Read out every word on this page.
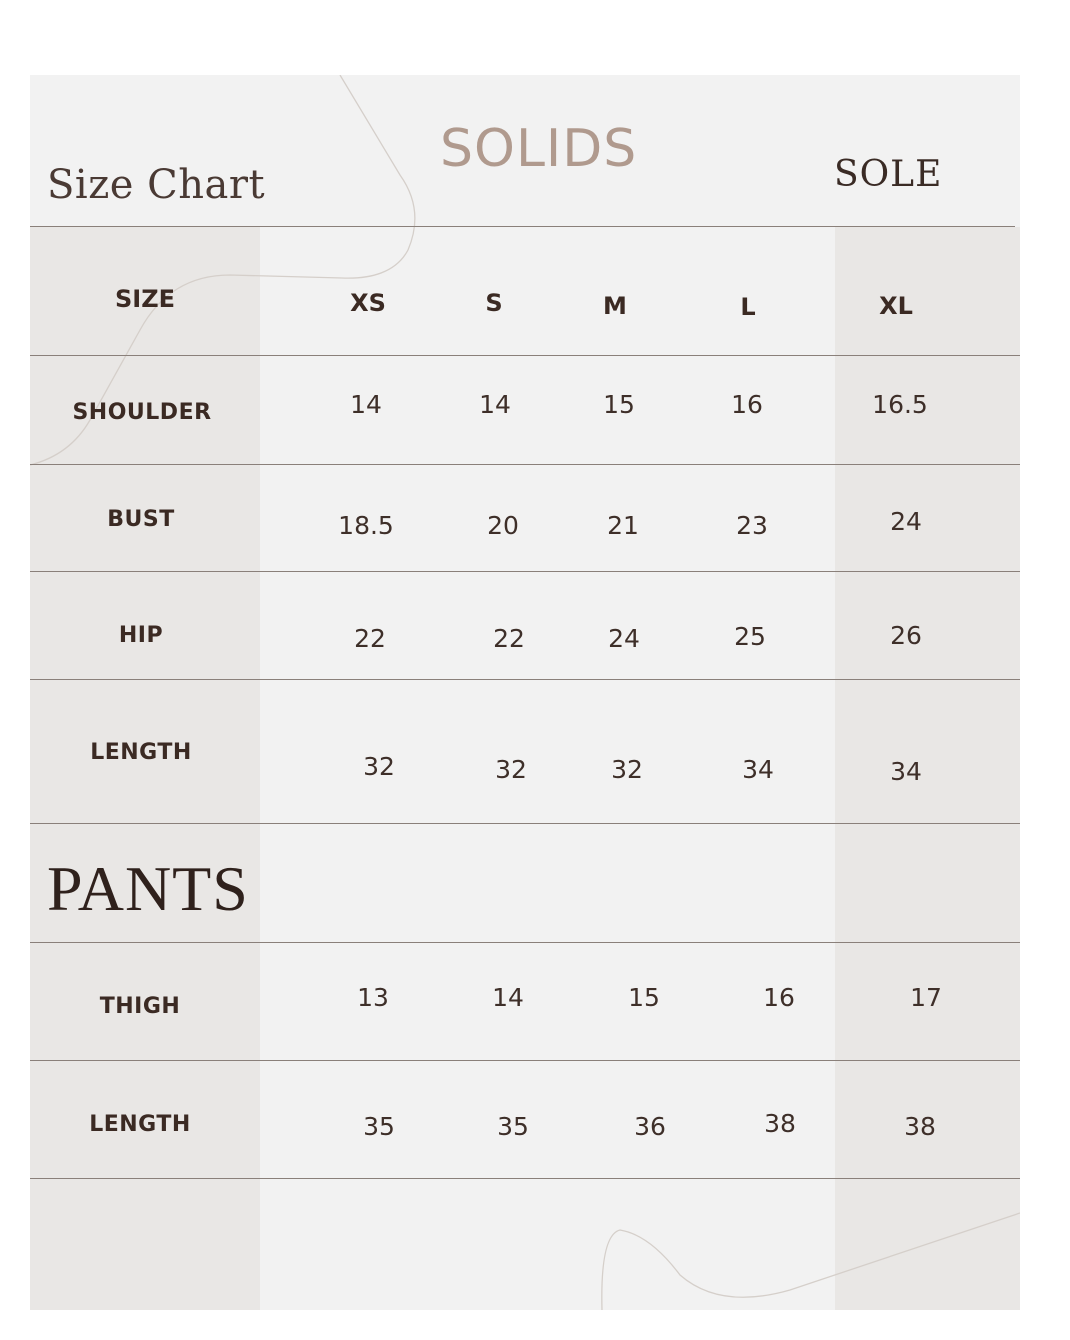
Size Chart
SOLIDS	SOLE
SIZE	XS	S	M	L	XL
SHOULDER	14	14	15	16	16.5
BUST	18.5	20	21	23	24
HIP	22	22	24	25	26
LENGTH	32	32	32	34	34
PANTS
THIGH	13	14	15	16	17
LENGTH	35	35	36	38	38
